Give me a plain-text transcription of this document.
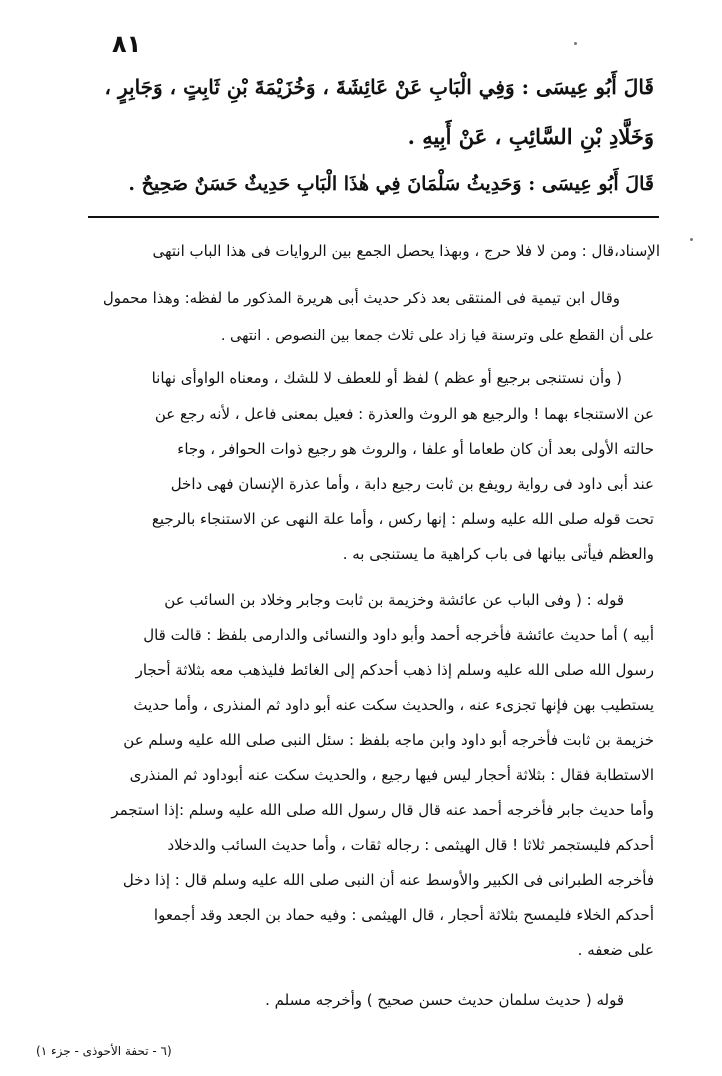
٨١
قَالَ أَبُو عِيسَى : وَفِي الْبَابِ عَنْ عَائِشَةَ ، وَخُزَيْمَةَ بْنِ ثَابِتٍ ، وَجَابِرٍ ،
وَخَلَّادِ بْنِ السَّائِبِ ، عَنْ أَبِيهِ .
قَالَ أَبُو عِيسَى : وَحَدِيثُ سَلْمَانَ فِي هٰذَا الْبَابِ حَدِيثٌ حَسَنٌ صَحِيحٌ .
الإسناد،قال : ومن لا فلا حرج ، وبهذا يحصل الجمع بين الروايات فى هذا الباب انتهى
وقال ابن تيمية فى المنتقى بعد ذكر حديث أبى هريرة المذكور ما لفظه: وهذا محمول
على أن القطع على وترسنة فيا زاد على ثلاث جمعا بين النصوص . انتهى .
( وأن نستنجى برجيع أو عظم ) لفظ أو للعطف لا للشك ، ومعناه الواوأى نهانا
عن الاستنجاء بهما ! والرجيع هو الروث والعذرة : فعيل بمعنى فاعل ، لأنه رجع عن
حالته الأولى بعد أن كان طعاما أو علفا ، والروث هو رجيع ذوات الحوافر ، وجاء
عند أبى داود فى رواية رويفع بن ثابت رجيع دابة ، وأما عذرة الإنسان فهى داخل
تحت قوله صلى الله عليه وسلم : إنها ركس ، وأما علة النهى عن الاستنجاء بالرجيع
والعظم فيأتى بيانها فى باب كراهية ما يستنجى به .
قوله : ( وفى الباب عن عائشة وخزيمة بن ثابت وجابر وخلاد بن السائب عن
أبيه ) أما حديث عائشة فأخرجه أحمد وأبو داود والنسائى والدارمى بلفظ : قالت قال
رسول الله صلى الله عليه وسلم إذا ذهب أحدكم إلى الغائط فليذهب معه بثلاثة أحجار
يستطيب بهن فإنها تجزىء عنه ، والحديث سكت عنه أبو داود ثم المنذرى ، وأما حديث
خزيمة بن ثابت فأخرجه أبو داود وابن ماجه بلفظ : سئل النبى صلى الله عليه وسلم عن
الاستطابة فقال : بثلاثة أحجار ليس فيها رجيع ، والحديث سكت عنه أبوداود ثم المنذرى
وأما حديث جابر فأخرجه أحمد عنه قال قال رسول الله صلى الله عليه وسلم :إذا استجمر
أحدكم فليستجمر ثلاثا ! قال الهيثمى : رجاله ثقات ، وأما حديث السائب والدخلاد
فأخرجه الطبرانى فى الكبير والأوسط عنه أن النبى صلى الله عليه وسلم قال : إذا دخل
أحدكم الخلاء فليمسح بثلاثة أحجار ، قال الهيثمى : وفيه حماد بن الجعد وقد أجمعوا
على ضعفه .
قوله ( حديث سلمان حديث حسن صحيح ) وأخرجه مسلم .
(٦ - تحفة الأحوذى - جزء ١)
